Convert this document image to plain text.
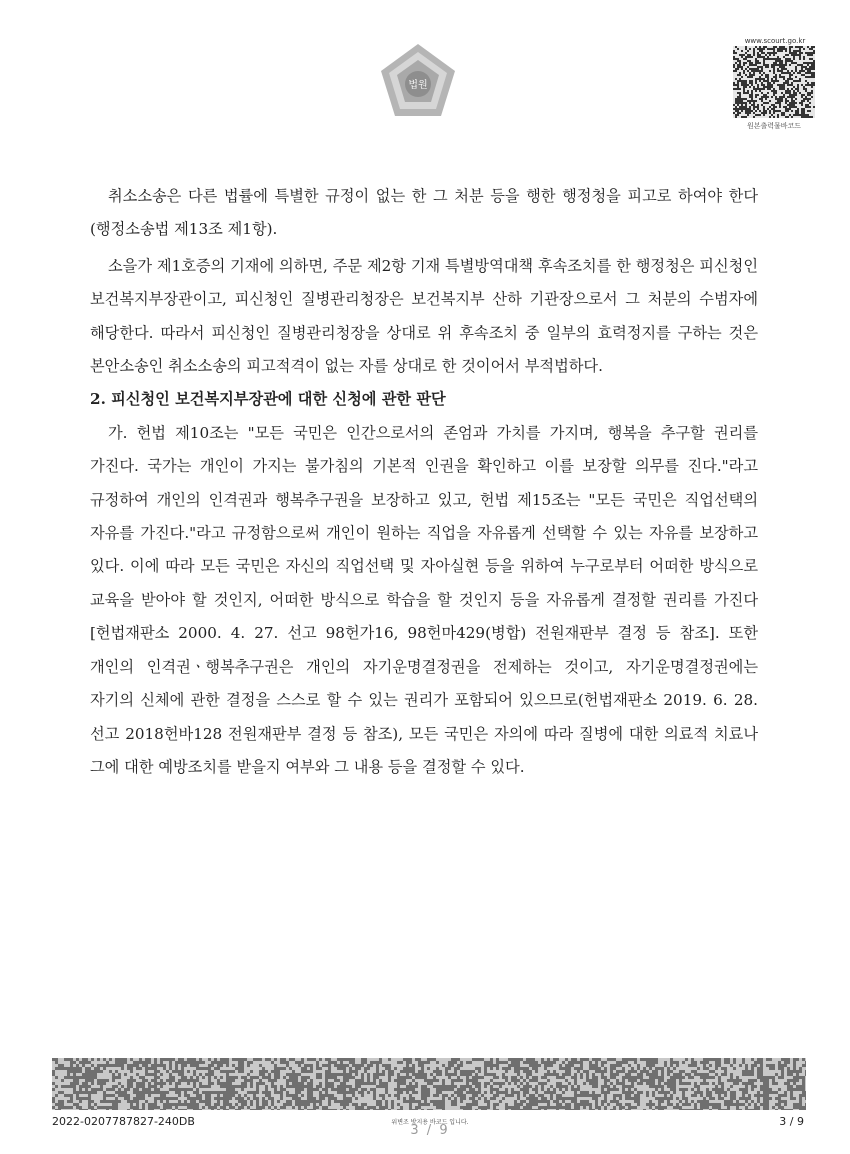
법원
www.scourt.go.kr
원본출력물바코드

취소소송은 다른 법률에 특별한 규정이 없는 한 그 처분 등을 행한 행정청을 피고로 하여야 한다(행정소송법 제13조 제1항).

소을가 제1호증의 기재에 의하면, 주문 제2항 기재 특별방역대책 후속조치를 한 행정청은 피신청인 보건복지부장관이고, 피신청인 질병관리청장은 보건복지부 산하 기관장으로서 그 처분의 수범자에 해당한다. 따라서 피신청인 질병관리청장을 상대로 위 후속조치 중 일부의 효력정지를 구하는 것은 본안소송인 취소소송의 피고적격이 없는 자를 상대로 한 것이어서 부적법하다.

2. 피신청인 보건복지부장관에 대한 신청에 관한 판단

가. 헌법 제10조는 "모든 국민은 인간으로서의 존엄과 가치를 가지며, 행복을 추구할 권리를 가진다. 국가는 개인이 가지는 불가침의 기본적 인권을 확인하고 이를 보장할 의무를 진다."라고 규정하여 개인의 인격권과 행복추구권을 보장하고 있고, 헌법 제15조는 "모든 국민은 직업선택의 자유를 가진다."라고 규정함으로써 개인이 원하는 직업을 자유롭게 선택할 수 있는 자유를 보장하고 있다. 이에 따라 모든 국민은 자신의 직업선택 및 자아실현 등을 위하여 누구로부터 어떠한 방식으로 교육을 받아야 할 것인지, 어떠한 방식으로 학습을 할 것인지 등을 자유롭게 결정할 권리를 가진다[헌법재판소 2000. 4. 27. 선고 98헌가16, 98헌마429(병합) 전원재판부 결정 등 참조]. 또한 개인의 인격권ㆍ행복추구권은 개인의 자기운명결정권을 전제하는 것이고, 자기운명결정권에는 자기의 신체에 관한 결정을 스스로 할 수 있는 권리가 포함되어 있으므로(헌법재판소 2019. 6. 28. 선고 2018헌바128 전원재판부 결정 등 참조), 모든 국민은 자의에 따라 질병에 대한 의료적 치료나 그에 대한 예방조치를 받을지 여부와 그 내용 등을 결정할 수 있다.

2022-0207787827-240DB	위변조 방지용 바코드 입니다.
3 / 9
3 / 9
